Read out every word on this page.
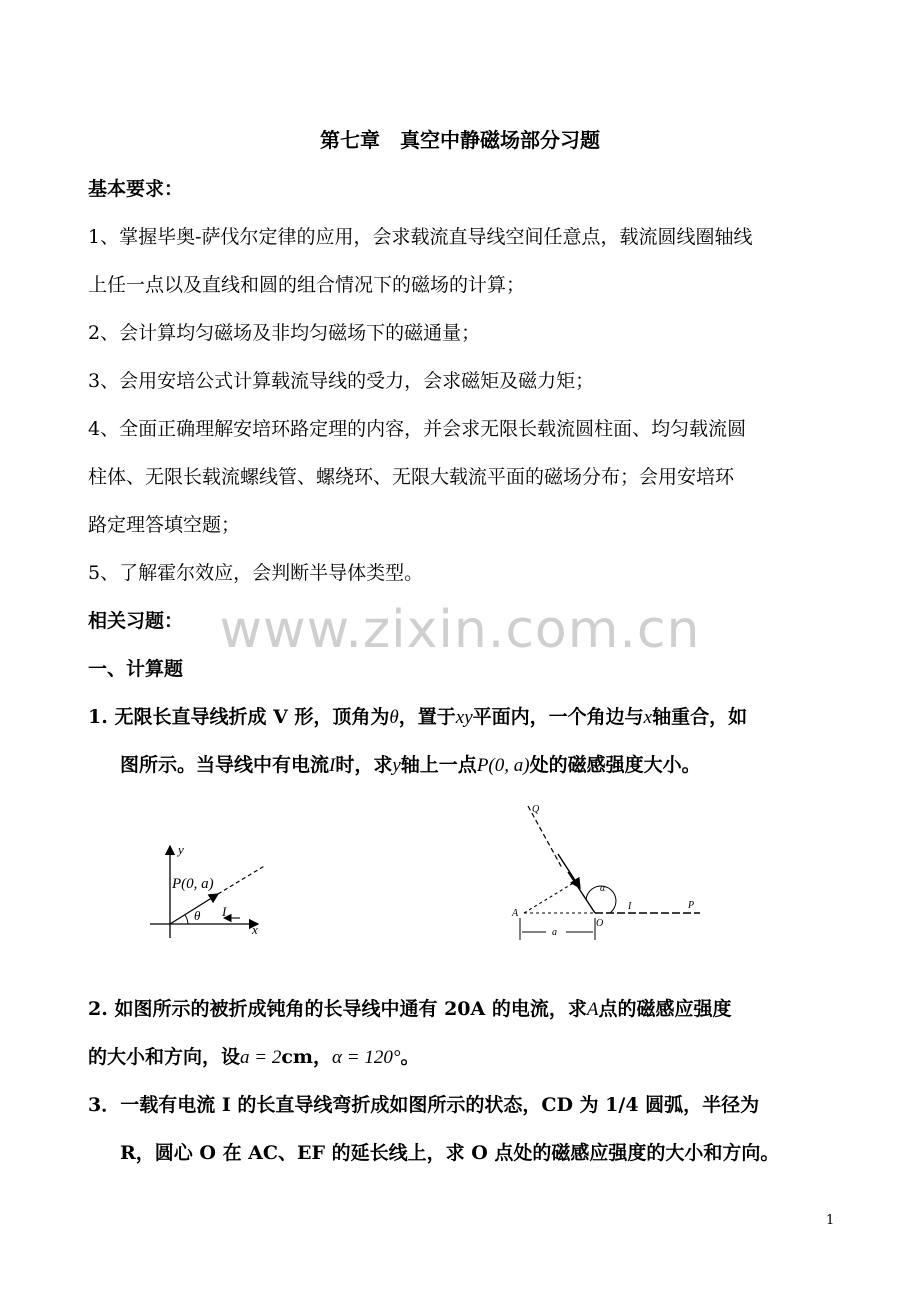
第七章　真空中静磁场部分习题
基本要求：
1、掌握毕奥-萨伐尔定律的应用，会求载流直导线空间任意点，载流圆线圈轴线
上任一点以及直线和圆的组合情况下的磁场的计算；
2、会计算均匀磁场及非均匀磁场下的磁通量；
3、会用安培公式计算载流导线的受力，会求磁矩及磁力矩；
4、全面正确理解安培环路定理的内容，并会求无限长载流圆柱面、均匀载流圆
柱体、无限长载流螺线管、螺绕环、无限大载流平面的磁场分布；会用安培环
路定理答填空题；
5、了解霍尔效应，会判断半导体类型。
www.zixin.com.cn
相关习题：
一、计算题
1. 无限长直导线折成 V 形，顶角为θ，置于xy平面内，一个角边与x轴重合，如
图所示。当导线中有电流I时，求y轴上一点P(0, a)处的磁感强度大小。
y
P(0, a)
θ I
x
Q
α
I
A
O
P
a
2. 如图所示的被折成钝角的长导线中通有 20A 的电流，求A点的磁感应强度
的大小和方向，设a = 2cm，α = 120°。
3．一载有电流 I 的长直导线弯折成如图所示的状态，CD 为 1/4 圆弧，半径为
R，圆心 O 在 AC、EF 的延长线上，求 O 点处的磁感应强度的大小和方向。
1
